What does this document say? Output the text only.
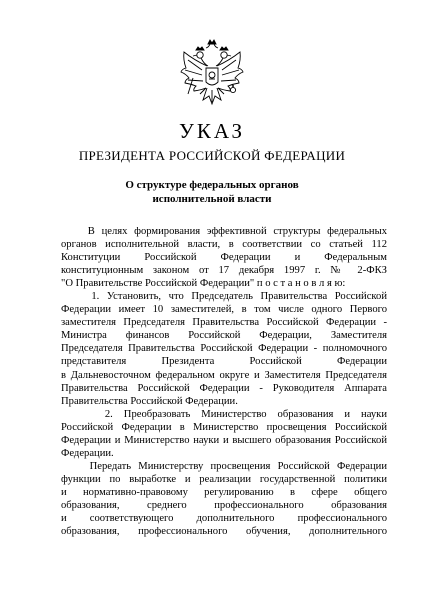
УКАЗ
ПРЕЗИДЕНТА РОССИЙСКОЙ ФЕДЕРАЦИИ
О структуре федеральных органов
исполнительной власти
В целях формирования эффективной структуры федеральных
органов исполнительной власти, в соответствии со статьей 112
Конституции Российской Федерации и Федеральным
конституционным законом от 17 декабря 1997 г. № 2-ФКЗ
"О Правительстве Российской Федерации" п о с т а н о в л я ю:
1. Установить, что Председатель Правительства Российской
Федерации имеет 10 заместителей, в том числе одного Первого
заместителя Председателя Правительства Российской Федерации -
Министра финансов Российской Федерации, Заместителя
Председателя Правительства Российской Федерации - полномочного
представителя Президента Российской Федерации
в Дальневосточном федеральном округе и Заместителя Председателя
Правительства Российской Федерации - Руководителя Аппарата
Правительства Российской Федерации.
2. Преобразовать Министерство образования и науки
Российской Федерации в Министерство просвещения Российской
Федерации и Министерство науки и высшего образования Российской
Федерации.
Передать Министерству просвещения Российской Федерации
функции по выработке и реализации государственной политики
и нормативно-правовому регулированию в сфере общего
образования, среднего профессионального образования
и соответствующего дополнительного профессионального
образования, профессионального обучения, дополнительного
